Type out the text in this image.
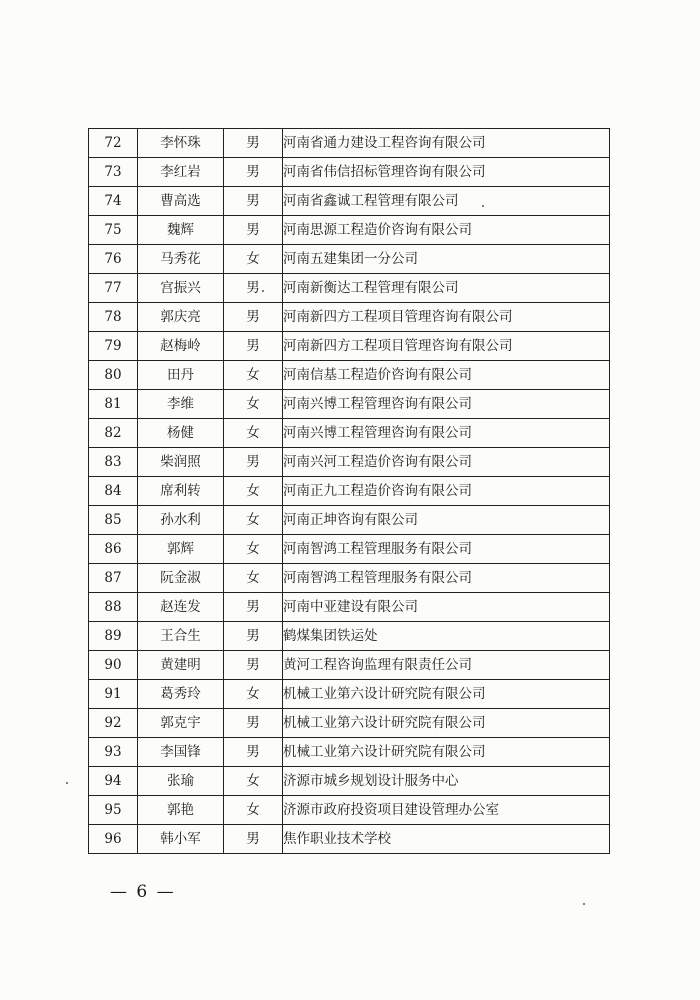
72	李怀珠	男	河南省通力建设工程咨询有限公司
73	李红岩	男	河南省伟信招标管理咨询有限公司
74	曹高选	男	河南省鑫诚工程管理有限公司
75	魏辉	男	河南思源工程造价咨询有限公司
76	马秀花	女	河南五建集团一分公司
77	宫振兴	男	河南新衡达工程管理有限公司
78	郭庆亮	男	河南新四方工程项目管理咨询有限公司
79	赵梅岭	男	河南新四方工程项目管理咨询有限公司
80	田丹	女	河南信基工程造价咨询有限公司
81	李维	女	河南兴博工程管理咨询有限公司
82	杨健	女	河南兴博工程管理咨询有限公司
83	柴润照	男	河南兴河工程造价咨询有限公司
84	席利转	女	河南正九工程造价咨询有限公司
85	孙水利	女	河南正坤咨询有限公司
86	郭辉	女	河南智鸿工程管理服务有限公司
87	阮金淑	女	河南智鸿工程管理服务有限公司
88	赵连发	男	河南中亚建设有限公司
89	王合生	男	鹤煤集团铁运处
90	黄建明	男	黄河工程咨询监理有限责任公司
91	葛秀玲	女	机械工业第六设计研究院有限公司
92	郭克宇	男	机械工业第六设计研究院有限公司
93	李国锋	男	机械工业第六设计研究院有限公司
94	张瑜	女	济源市城乡规划设计服务中心
95	郭艳	女	济源市政府投资项目建设管理办公室
96	韩小军	男	焦作职业技术学校
— 6 —
